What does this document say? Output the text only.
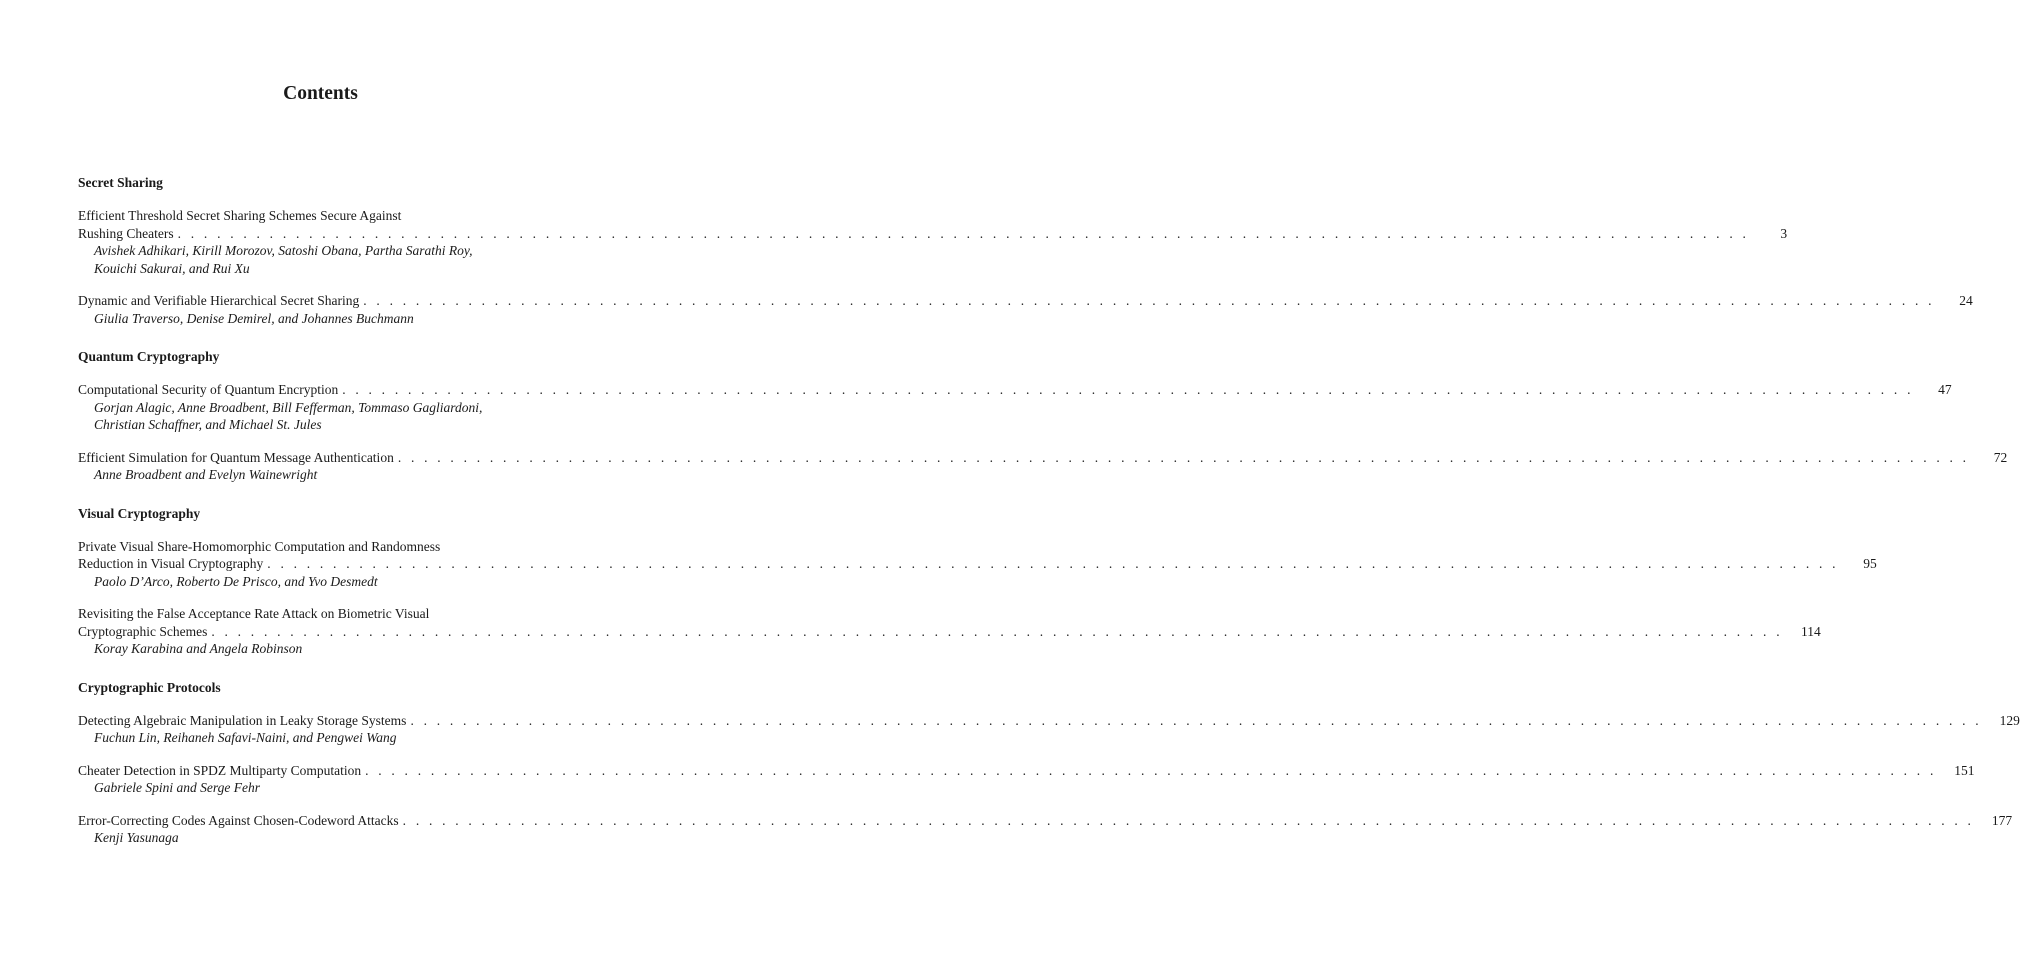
Contents
Secret Sharing
Efficient Threshold Secret Sharing Schemes Secure Against
Rushing Cheaters . . . . . . . . . . . . . . . . . . . . . . . . . . . . . . . . . . . . . . . . . . . . . . . . . . . . . . . . . . . . . . . . . . . . . . . . . . . . . . . . . . . . . . . . . . . . . . . . . . . . . . . . . . . . . . . . . . . . . . . .	3
Avishek Adhikari, Kirill Morozov, Satoshi Obana, Partha Sarathi Roy,
Kouichi Sakurai, and Rui Xu
Dynamic and Verifiable Hierarchical Secret Sharing . . . . . . . . . . . . . . . . . . . . . . . . . . . . . . . . . . . . . . . . . . . . . . . . . . . . . . . . . . . . . . . . . . . . . . . . . . . . . . . . . . . . . . . . . . . . . . . . . . . . . . . . . . . . . . . . . . . . . . . .	24
Giulia Traverso, Denise Demirel, and Johannes Buchmann
Quantum Cryptography
Computational Security of Quantum Encryption . . . . . . . . . . . . . . . . . . . . . . . . . . . . . . . . . . . . . . . . . . . . . . . . . . . . . . . . . . . . . . . . . . . . . . . . . . . . . . . . . . . . . . . . . . . . . . . . . . . . . . . . . . . . . . . . . . . . . . . .	47
Gorjan Alagic, Anne Broadbent, Bill Fefferman, Tommaso Gagliardoni,
Christian Schaffner, and Michael St. Jules
Efficient Simulation for Quantum Message Authentication . . . . . . . . . . . . . . . . . . . . . . . . . . . . . . . . . . . . . . . . . . . . . . . . . . . . . . . . . . . . . . . . . . . . . . . . . . . . . . . . . . . . . . . . . . . . . . . . . . . . . . . . . . . . . . . . . . . . . . . .	72
Anne Broadbent and Evelyn Wainewright
Visual Cryptography
Private Visual Share-Homomorphic Computation and Randomness
Reduction in Visual Cryptography . . . . . . . . . . . . . . . . . . . . . . . . . . . . . . . . . . . . . . . . . . . . . . . . . . . . . . . . . . . . . . . . . . . . . . . . . . . . . . . . . . . . . . . . . . . . . . . . . . . . . . . . . . . . . . . . . . . . . . . .	95
Paolo D’Arco, Roberto De Prisco, and Yvo Desmedt
Revisiting the False Acceptance Rate Attack on Biometric Visual
Cryptographic Schemes . . . . . . . . . . . . . . . . . . . . . . . . . . . . . . . . . . . . . . . . . . . . . . . . . . . . . . . . . . . . . . . . . . . . . . . . . . . . . . . . . . . . . . . . . . . . . . . . . . . . . . . . . . . . . . . . . . . . . . . .	114
Koray Karabina and Angela Robinson
Cryptographic Protocols
Detecting Algebraic Manipulation in Leaky Storage Systems . . . . . . . . . . . . . . . . . . . . . . . . . . . . . . . . . . . . . . . . . . . . . . . . . . . . . . . . . . . . . . . . . . . . . . . . . . . . . . . . . . . . . . . . . . . . . . . . . . . . . . . . . . . . . . . . . . . . . . . .	129
Fuchun Lin, Reihaneh Safavi-Naini, and Pengwei Wang
Cheater Detection in SPDZ Multiparty Computation . . . . . . . . . . . . . . . . . . . . . . . . . . . . . . . . . . . . . . . . . . . . . . . . . . . . . . . . . . . . . . . . . . . . . . . . . . . . . . . . . . . . . . . . . . . . . . . . . . . . . . . . . . . . . . . . . . . . . . . .	151
Gabriele Spini and Serge Fehr
Error-Correcting Codes Against Chosen-Codeword Attacks . . . . . . . . . . . . . . . . . . . . . . . . . . . . . . . . . . . . . . . . . . . . . . . . . . . . . . . . . . . . . . . . . . . . . . . . . . . . . . . . . . . . . . . . . . . . . . . . . . . . . . . . . . . . . . . . . . . . . . . .	177
Kenji Yasunaga
